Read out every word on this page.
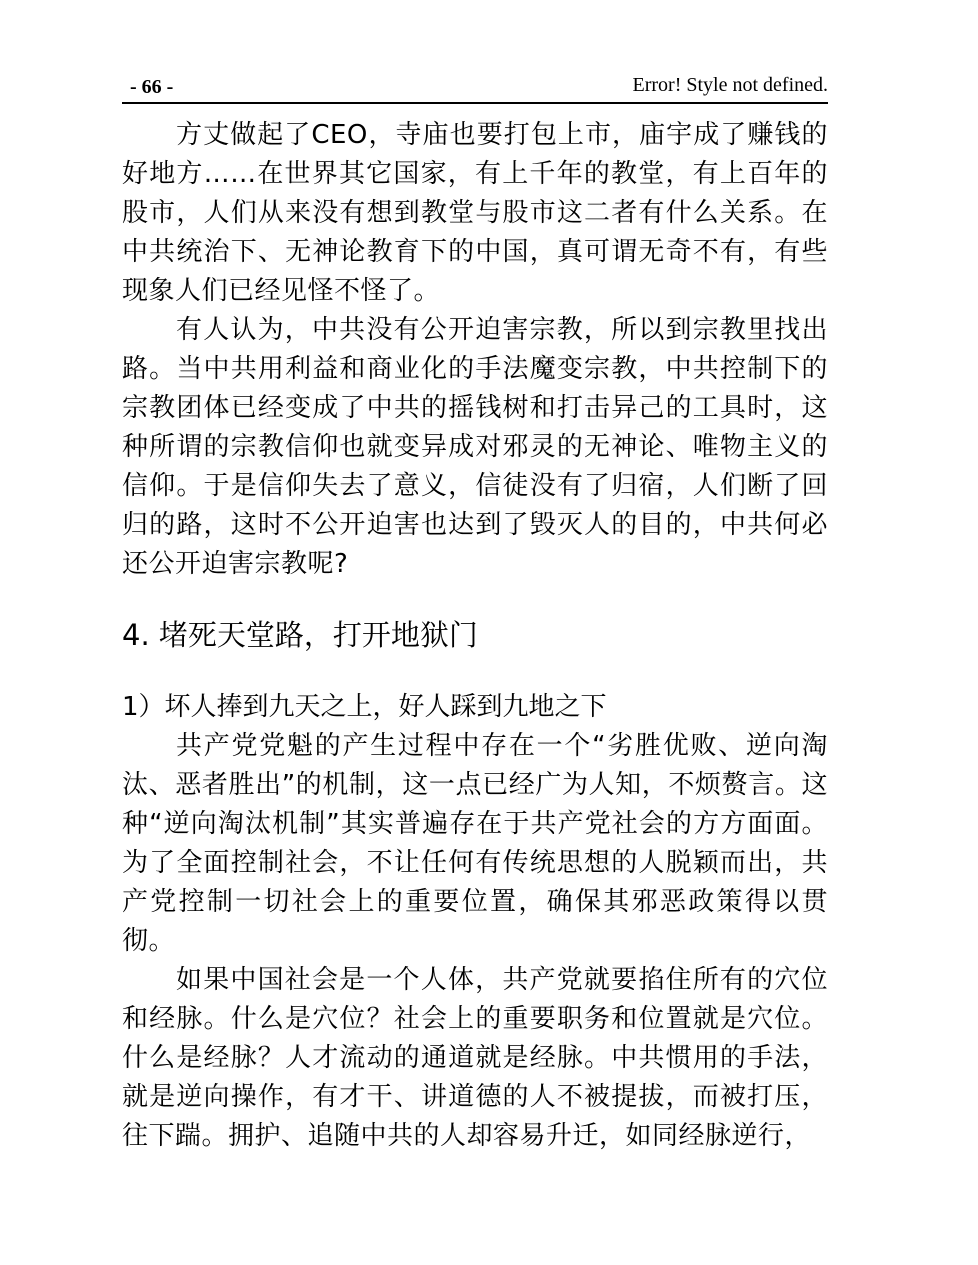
- 66 -	Error! Style not defined.

方丈做起了CEO，寺庙也要打包上市，庙宇成了赚钱的好地方……在世界其它国家，有上千年的教堂，有上百年的股市，人们从来没有想到教堂与股市这二者有什么关系。在中共统治下、无神论教育下的中国，真可谓无奇不有，有些现象人们已经见怪不怪了。

有人认为，中共没有公开迫害宗教，所以到宗教里找出路。当中共用利益和商业化的手法魔变宗教，中共控制下的宗教团体已经变成了中共的摇钱树和打击异己的工具时，这种所谓的宗教信仰也就变异成对邪灵的无神论、唯物主义的信仰。于是信仰失去了意义，信徒没有了归宿，人们断了回归的路，这时不公开迫害也达到了毁灭人的目的，中共何必还公开迫害宗教呢?

4. 堵死天堂路，打开地狱门
1）坏人捧到九天之上，好人踩到九地之下

共产党党魁的产生过程中存在一个“劣胜优败、逆向淘汰、恶者胜出”的机制，这一点已经广为人知，不烦赘言。这种“逆向淘汰机制”其实普遍存在于共产党社会的方方面面。为了全面控制社会，不让任何有传统思想的人脱颖而出，共产党控制一切社会上的重要位置，确保其邪恶政策得以贯彻。

如果中国社会是一个人体，共产党就要掐住所有的穴位和经脉。什么是穴位？社会上的重要职务和位置就是穴位。什么是经脉？人才流动的通道就是经脉。中共惯用的手法，就是逆向操作，有才干、讲道德的人不被提拔，而被打压，往下踹。拥护、追随中共的人却容易升迁，如同经脉逆行，
